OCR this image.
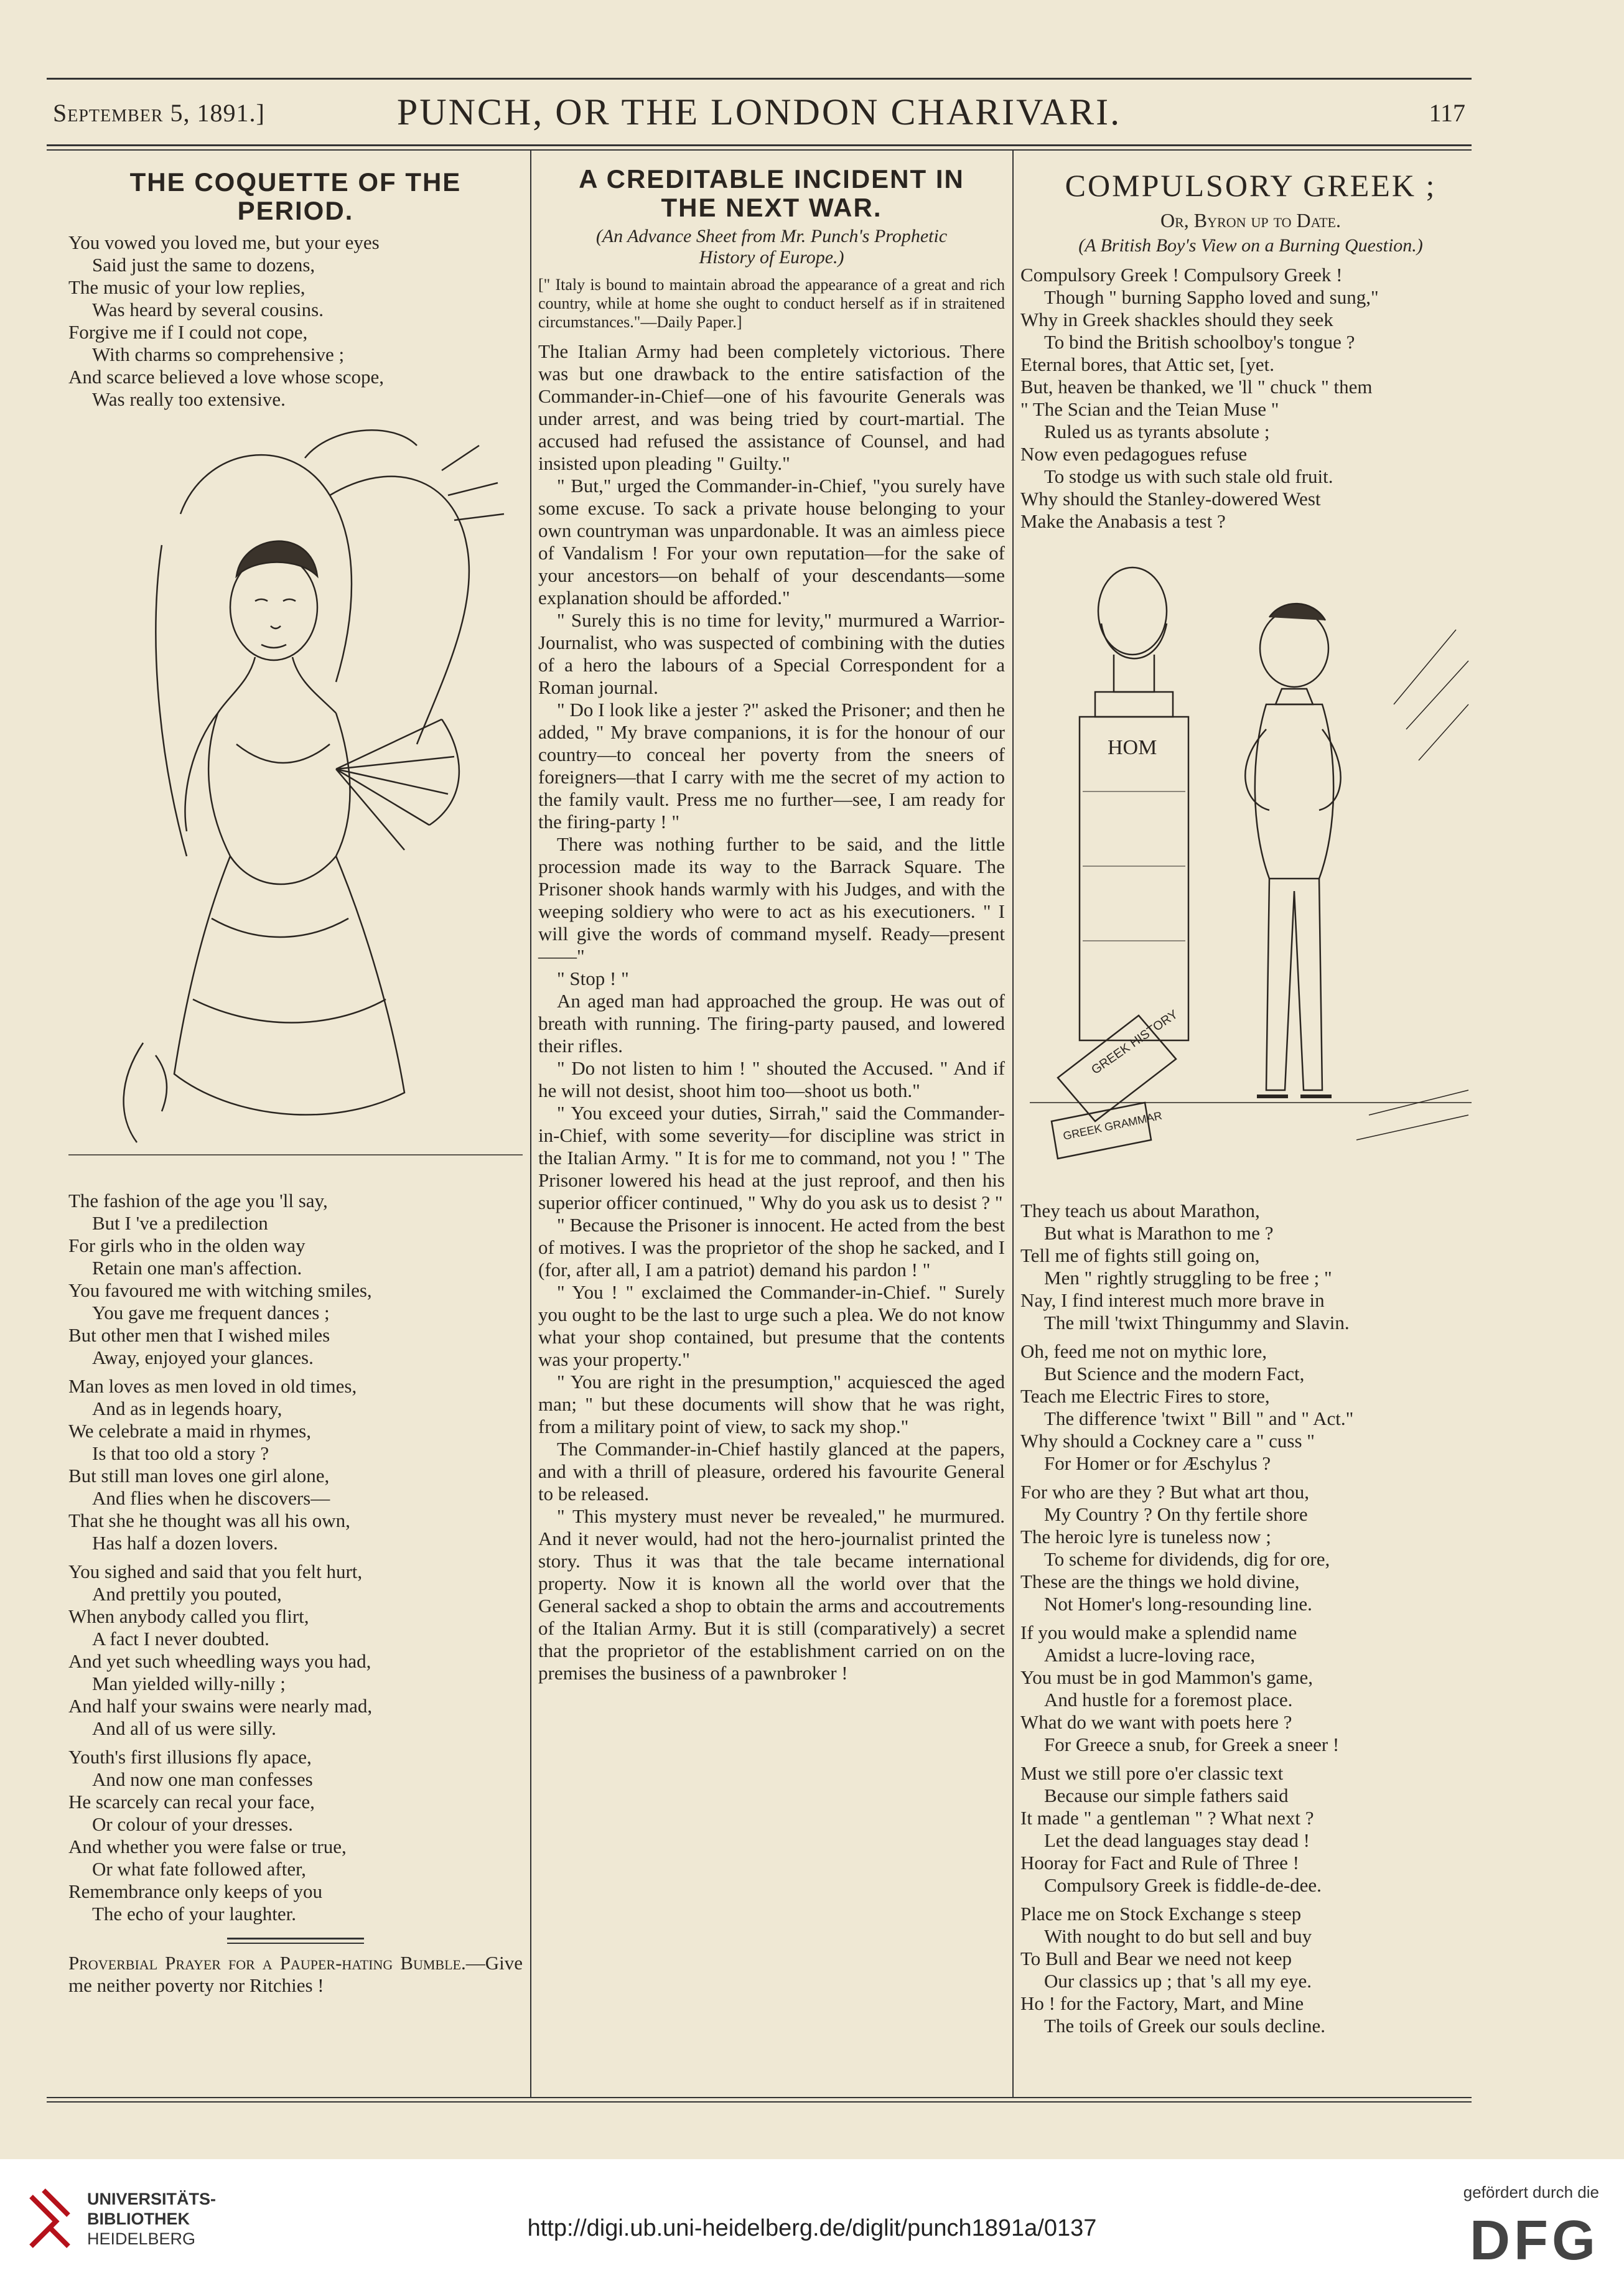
September 5, 1891.]	PUNCH, OR THE LONDON CHARIVARI.	117
THE COQUETTE OF THE PERIOD.
You vowed you loved me, but your eyes
Said just the same to dozens,
The music of your low replies,
Was heard by several cousins.
Forgive me if I could not cope,
With charms so comprehensive ;
And scarce believed a love whose scope,
Was really too extensive.
The fashion of the age you 'll say,
But I 've a predilection
For girls who in the olden way
Retain one man's affection.
You favoured me with witching smiles,
You gave me frequent dances ;
But other men that I wished miles
Away, enjoyed your glances.
Man loves as men loved in old times,
And as in legends hoary,
We celebrate a maid in rhymes,
Is that too old a story ?
But still man loves one girl alone,
And flies when he discovers—
That she he thought was all his own,
Has half a dozen lovers.
You sighed and said that you felt hurt,
And prettily you pouted,
When anybody called you flirt,
A fact I never doubted.
And yet such wheedling ways you had,
Man yielded willy-nilly ;
And half your swains were nearly mad,
And all of us were silly.
Youth's first illusions fly apace,
And now one man confesses
He scarcely can recal your face,
Or colour of your dresses.
And whether you were false or true,
Or what fate followed after,
Remembrance only keeps of you
The echo of your laughter.
Proverbial Prayer for a Pauper-hating Bumble.—Give me neither poverty nor Ritchies !
A CREDITABLE INCIDENT IN
THE NEXT WAR.
(An Advance Sheet from Mr. Punch's Prophetic
History of Europe.)
[" Italy is bound to maintain abroad the appearance of a great and rich country, while at home she ought to conduct herself as if in straitened circumstances."—Daily Paper.]

The Italian Army had been completely victorious. There was but one drawback to the entire satisfaction of the Commander-in-Chief—one of his favourite Generals was under arrest, and was being tried by court-martial. The accused had refused the assistance of Counsel, and had insisted upon pleading " Guilty."

" But," urged the Commander-in-Chief, "you surely have some excuse. To sack a private house belonging to your own countryman was unpardonable. It was an aimless piece of Vandalism ! For your own reputation—for the sake of your ancestors—on behalf of your descendants—some explanation should be afforded."

" Surely this is no time for levity," murmured a Warrior-Journalist, who was suspected of combining with the duties of a hero the labours of a Special Correspondent for a Roman journal.

" Do I look like a jester ?" asked the Prisoner; and then he added, " My brave companions, it is for the honour of our country—to conceal her poverty from the sneers of foreigners—that I carry with me the secret of my action to the family vault. Press me no further—see, I am ready for the firing-party ! "

There was nothing further to be said, and the little procession made its way to the Barrack Square. The Prisoner shook hands warmly with his Judges, and with the weeping soldiery who were to act as his executioners. " I will give the words of command myself. Ready—present——"

" Stop ! "

An aged man had approached the group. He was out of breath with running. The firing-party paused, and lowered their rifles.

" Do not listen to him ! " shouted the Accused. " And if he will not desist, shoot him too—shoot us both."

" You exceed your duties, Sirrah," said the Commander-in-Chief, with some severity—for discipline was strict in the Italian Army. " It is for me to command, not you ! " The Prisoner lowered his head at the just reproof, and then his superior officer continued, " Why do you ask us to desist ? "

" Because the Prisoner is innocent. He acted from the best of motives. I was the proprietor of the shop he sacked, and I (for, after all, I am a patriot) demand his pardon ! "

" You ! " exclaimed the Commander-in-Chief. " Surely you ought to be the last to urge such a plea. We do not know what your shop contained, but presume that the contents was your property."

" You are right in the presumption," acquiesced the aged man; " but these documents will show that he was right, from a military point of view, to sack my shop."

The Commander-in-Chief hastily glanced at the papers, and with a thrill of pleasure, ordered his favourite General to be released.

" This mystery must never be revealed," he murmured. And it never would, had not the hero-journalist printed the story. Thus it was that the tale became international property. Now it is known all the world over that the General sacked a shop to obtain the arms and accoutrements of the Italian Army. But it is still (comparatively) a secret that the proprietor of the establishment carried on on the premises the business of a pawnbroker !

COMPULSORY GREEK ;
Or, Byron up to Date.
(A British Boy's View on a Burning Question.)
Compulsory Greek ! Compulsory Greek !
Though " burning Sappho loved and sung,"
Why in Greek shackles should they seek
To bind the British schoolboy's tongue ?
Eternal bores, that Attic set, [yet.
But, heaven be thanked, we 'll " chuck " them
" The Scian and the Teian Muse "
Ruled us as tyrants absolute ;
Now even pedagogues refuse
To stodge us with such stale old fruit.
Why should the Stanley-dowered West
Make the Anabasis a test ?
HOM
GREEK HISTORY
GREEK GRAMMAR
They teach us about Marathon,
But what is Marathon to me ?
Tell me of fights still going on,
Men " rightly struggling to be free ; "
Nay, I find interest much more brave in
The mill 'twixt Thingummy and Slavin.
Oh, feed me not on mythic lore,
But Science and the modern Fact,
Teach me Electric Fires to store,
The difference 'twixt " Bill " and " Act."
Why should a Cockney care a " cuss "
For Homer or for Æschylus ?
For who are they ? But what art thou,
My Country ? On thy fertile shore
The heroic lyre is tuneless now ;
To scheme for dividends, dig for ore,
These are the things we hold divine,
Not Homer's long-resounding line.
If you would make a splendid name
Amidst a lucre-loving race,
You must be in god Mammon's game,
And hustle for a foremost place.
What do we want with poets here ?
For Greece a snub, for Greek a sneer !
Must we still pore o'er classic text
Because our simple fathers said
It made " a gentleman " ? What next ?
Let the dead languages stay dead !
Hooray for Fact and Rule of Three !
Compulsory Greek is fiddle-de-dee.
Place me on Stock Exchange s steep
With nought to do but sell and buy
To Bull and Bear we need not keep
Our classics up ; that 's all my eye.
Ho ! for the Factory, Mart, and Mine
The toils of Greek our souls decline.
UNIVERSITÄTS-
BIBLIOTHEK
HEIDELBERG	http://digi.ub.uni-heidelberg.de/diglit/punch1891a/0137
gefördert durch die
DFG
